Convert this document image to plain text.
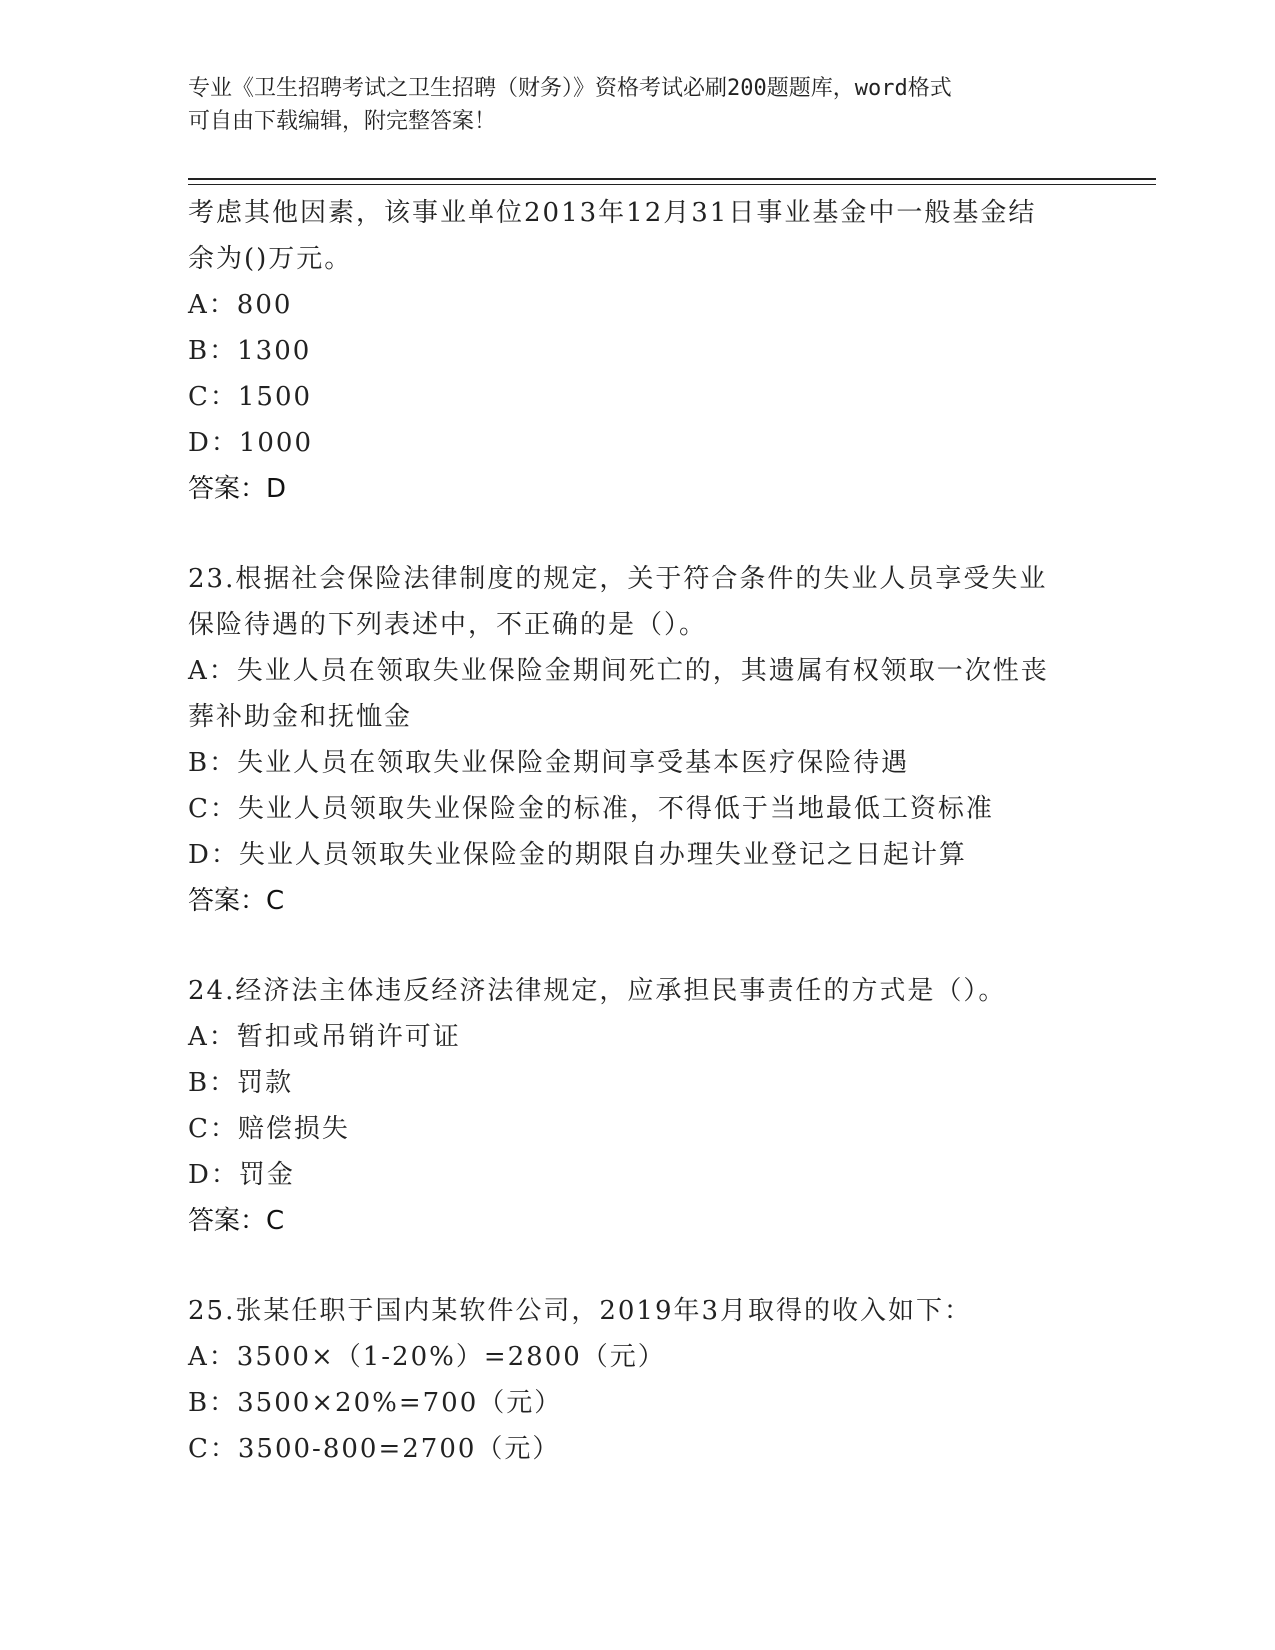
专业《卫生招聘考试之卫生招聘（财务）》资格考试必刷200题题库，word格式
可自由下载编辑，附完整答案！
考虑其他因素，该事业单位2013年12月31日事业基金中一般基金结
余为()万元。
A：800
B：1300
C：1500
D：1000
答案：D
23.根据社会保险法律制度的规定，关于符合条件的失业人员享受失业
保险待遇的下列表述中，不正确的是（）。
A：失业人员在领取失业保险金期间死亡的，其遗属有权领取一次性丧
葬补助金和抚恤金
B：失业人员在领取失业保险金期间享受基本医疗保险待遇
C：失业人员领取失业保险金的标准，不得低于当地最低工资标准
D：失业人员领取失业保险金的期限自办理失业登记之日起计算
答案：C
24.经济法主体违反经济法律规定，应承担民事责任的方式是（）。
A：暂扣或吊销许可证
B：罚款
C：赔偿损失
D：罚金
答案：C
25.张某任职于国内某软件公司，2019年3月取得的收入如下：
A：3500×（1-20%）=2800（元）
B：3500×20%=700（元）
C：3500-800=2700（元）
